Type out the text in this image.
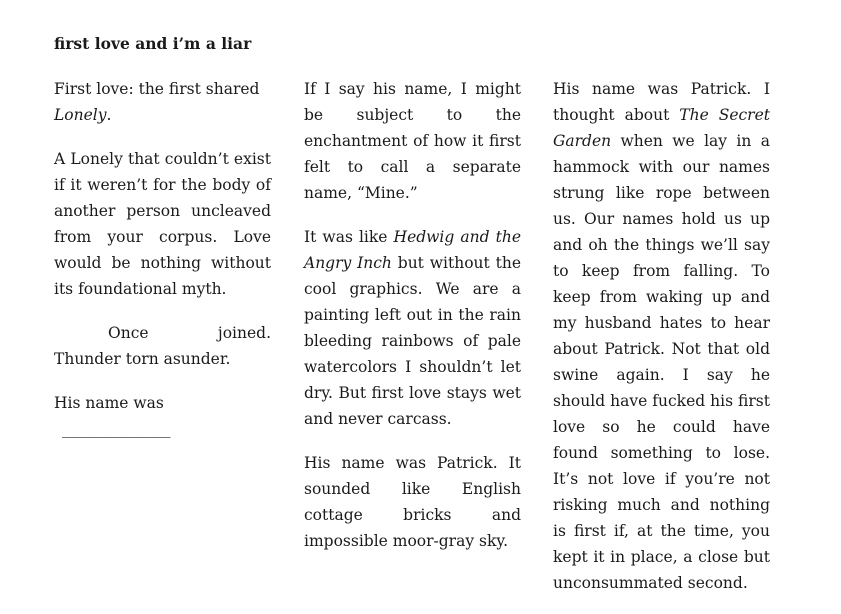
first love and i’m a liar

First love: the first shared Lonely.

A Lonely that couldn’t exist if it weren’t for the body of another person uncleaved from your corpus. Love would be nothing without its foundational myth.

Once joined.

Thunder torn asunder.

His name was
______________

If I say his name, I might be subject to the enchantment of how it first felt to call a separate name, “Mine.”

It was like Hedwig and the Angry Inch but without the cool graphics. We are a painting left out in the rain bleeding rainbows of pale watercolors I shouldn’t let dry. But first love stays wet and never carcass.

His name was Patrick. It sounded like English cottage bricks and impossible moor-gray sky.

His name was Patrick. I thought about The Secret Garden when we lay in a hammock with our names strung like rope between us. Our names hold us up and oh the things we’ll say to keep from falling. To keep from waking up and my husband hates to hear about Patrick. Not that old swine again. I say he should have fucked his first love so he could have found something to lose. It’s not love if you’re not risking much and nothing is first if, at the time, you kept it in place, a close but unconsummated second.
